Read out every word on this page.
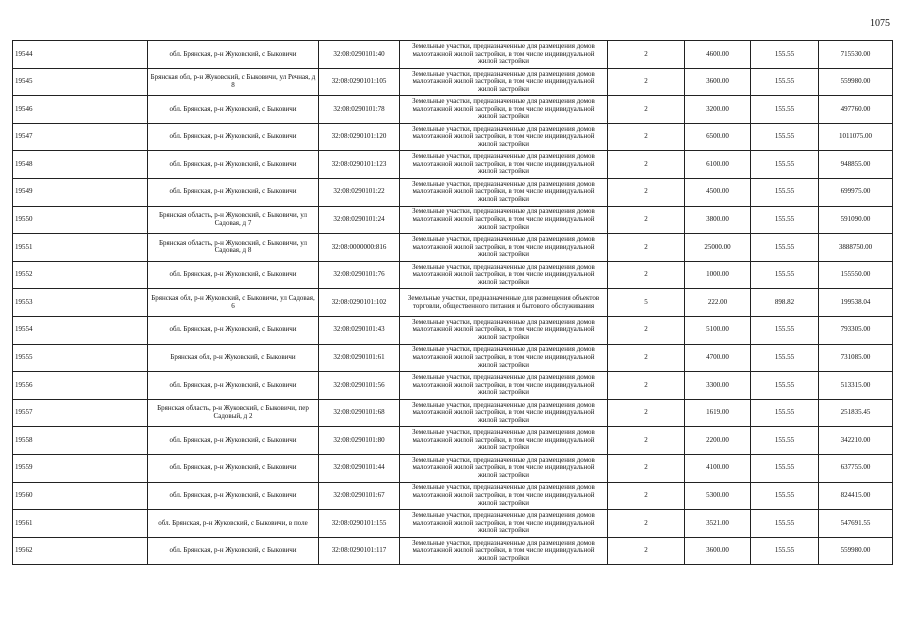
1075
19544	обл. Брянская, р-н Жуковский, с Быковичи	32:08:0290101:40	Земельные участки, предназначенные для размещения домов малоэтажной жилой застройки, в том числе индивидуальной жилой застройки	2	4600.00	155.55	715530.00
19545	Брянская обл, р-н Жуковский, с Быковичи, ул Речная, д 8	32:08:0290101:105	Земельные участки, предназначенные для размещения домов малоэтажной жилой застройки, в том числе индивидуальной жилой застройки	2	3600.00	155.55	559980.00
19546	обл. Брянская, р-н Жуковский, с Быковичи	32:08:0290101:78	Земельные участки, предназначенные для размещения домов малоэтажной жилой застройки, в том числе индивидуальной жилой застройки	2	3200.00	155.55	497760.00
19547	обл. Брянская, р-н Жуковский, с Быковичи	32:08:0290101:120	Земельные участки, предназначенные для размещения домов малоэтажной жилой застройки, в том числе индивидуальной жилой застройки	2	6500.00	155.55	1011075.00
19548	обл. Брянская, р-н Жуковский, с Быковичи	32:08:0290101:123	Земельные участки, предназначенные для размещения домов малоэтажной жилой застройки, в том числе индивидуальной жилой застройки	2	6100.00	155.55	948855.00
19549	обл. Брянская, р-н Жуковский, с Быковичи	32:08:0290101:22	Земельные участки, предназначенные для размещения домов малоэтажной жилой застройки, в том числе индивидуальной жилой застройки	2	4500.00	155.55	699975.00
19550	Брянская область, р-н Жуковский, с Быковичи, ул Садовая, д 7	32:08:0290101:24	Земельные участки, предназначенные для размещения домов малоэтажной жилой застройки, в том числе индивидуальной жилой застройки	2	3800.00	155.55	591090.00
19551	Брянская область, р-н Жуковский, с Быковичи, ул Садовая, д 8	32:08:0000000:816	Земельные участки, предназначенные для размещения домов малоэтажной жилой застройки, в том числе индивидуальной жилой застройки	2	25000.00	155.55	3888750.00
19552	обл. Брянская, р-н Жуковский, с Быковичи	32:08:0290101:76	Земельные участки, предназначенные для размещения домов малоэтажной жилой застройки, в том числе индивидуальной жилой застройки	2	1000.00	155.55	155550.00
19553	Брянская обл, р-н Жуковский, с Быковичи, ул Садовая, 6	32:08:0290101:102	Земельные участки, предназначенные для размещения объектов торговли, общественного питания и бытового обслуживания	5	222.00	898.82	199538.04
19554	обл. Брянская, р-н Жуковский, с Быковичи	32:08:0290101:43	Земельные участки, предназначенные для размещения домов малоэтажной жилой застройки, в том числе индивидуальной жилой застройки	2	5100.00	155.55	793305.00
19555	Брянская обл, р-н Жуковский, с Быковичи	32:08:0290101:61	Земельные участки, предназначенные для размещения домов малоэтажной жилой застройки, в том числе индивидуальной жилой застройки	2	4700.00	155.55	731085.00
19556	обл. Брянская, р-н Жуковский, с Быковичи	32:08:0290101:56	Земельные участки, предназначенные для размещения домов малоэтажной жилой застройки, в том числе индивидуальной жилой застройки	2	3300.00	155.55	513315.00
19557	Брянская область, р-н Жуковский, с Быковичи, пер Садовый, д 2	32:08:0290101:68	Земельные участки, предназначенные для размещения домов малоэтажной жилой застройки, в том числе индивидуальной жилой застройки	2	1619.00	155.55	251835.45
19558	обл. Брянская, р-н Жуковский, с Быковичи	32:08:0290101:80	Земельные участки, предназначенные для размещения домов малоэтажной жилой застройки, в том числе индивидуальной жилой застройки	2	2200.00	155.55	342210.00
19559	обл. Брянская, р-н Жуковский, с Быковичи	32:08:0290101:44	Земельные участки, предназначенные для размещения домов малоэтажной жилой застройки, в том числе индивидуальной жилой застройки	2	4100.00	155.55	637755.00
19560	обл. Брянская, р-н Жуковский, с Быковичи	32:08:0290101:67	Земельные участки, предназначенные для размещения домов малоэтажной жилой застройки, в том числе индивидуальной жилой застройки	2	5300.00	155.55	824415.00
19561	обл. Брянская, р-н Жуковский, с Быковичи, в поле	32:08:0290101:155	Земельные участки, предназначенные для размещения домов малоэтажной жилой застройки, в том числе индивидуальной жилой застройки	2	3521.00	155.55	547691.55
19562	обл. Брянская, р-н Жуковский, с Быковичи	32:08:0290101:117	Земельные участки, предназначенные для размещения домов малоэтажной жилой застройки, в том числе индивидуальной жилой застройки	2	3600.00	155.55	559980.00
